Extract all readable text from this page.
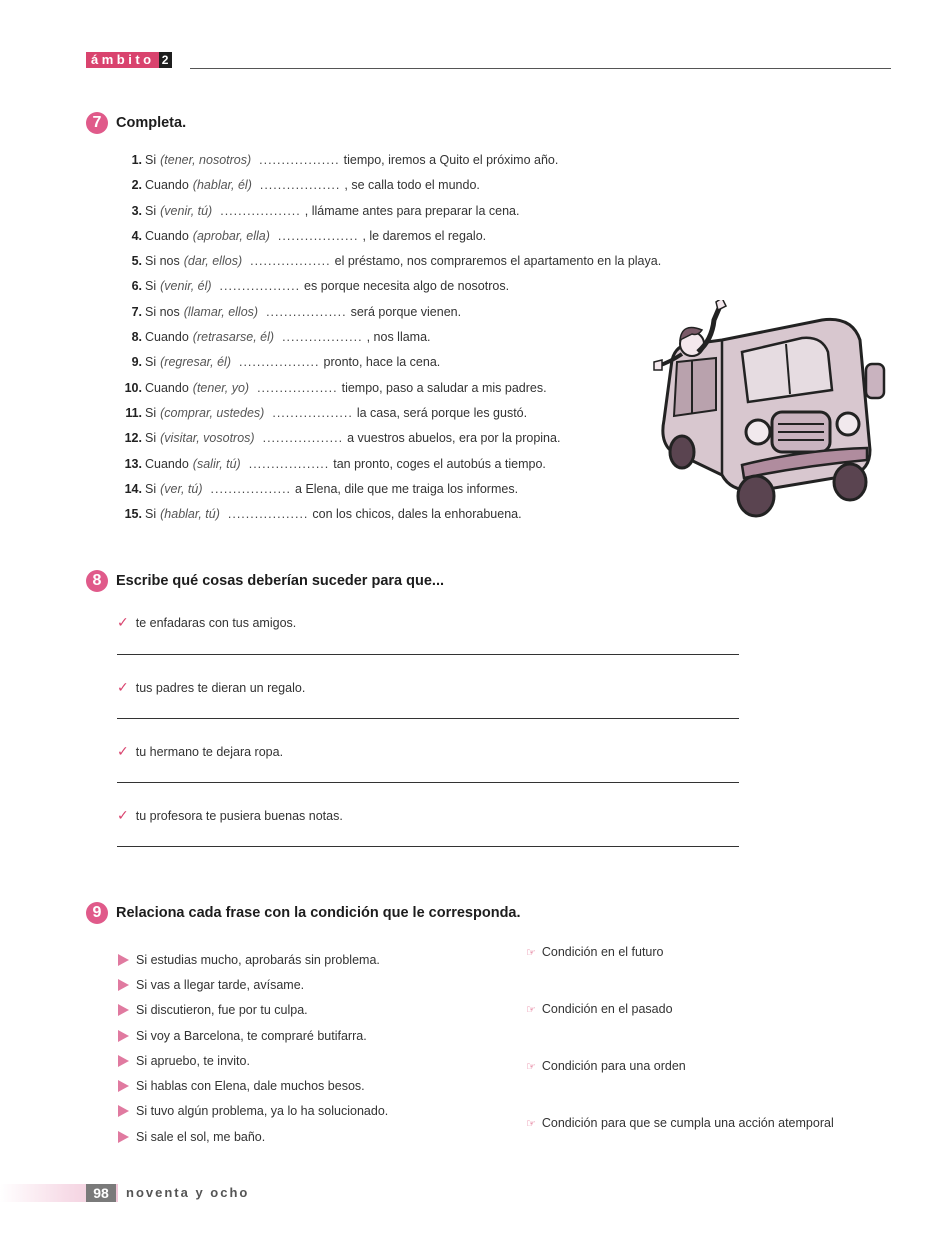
ámbito 2
7	Completa.
1. Si (tener, nosotros) .................. tiempo, iremos a Quito el próximo año.
2. Cuando (hablar, él) .................. , se calla todo el mundo.
3. Si (venir, tú) .................. , llámame antes para preparar la cena.
4. Cuando (aprobar, ella) .................. , le daremos el regalo.
5. Si nos (dar, ellos) .................. el préstamo, nos compraremos el apartamento en la playa.
6. Si (venir, él) .................. es porque necesita algo de nosotros.
7. Si nos (llamar, ellos) .................. será porque vienen.
8. Cuando (retrasarse, él) .................. , nos llama.
9. Si (regresar, él) .................. pronto, hace la cena.
10. Cuando (tener, yo) .................. tiempo, paso a saludar a mis padres.
11. Si (comprar, ustedes) .................. la casa, será porque les gustó.
12. Si (visitar, vosotros) .................. a vuestros abuelos, era por la propina.
13. Cuando (salir, tú) .................. tan pronto, coges el autobús a tiempo.
14. Si (ver, tú) .................. a Elena, dile que me traiga los informes.
15. Si (hablar, tú) .................. con los chicos, dales la enhorabuena.
8	Escribe qué cosas deberían suceder para que...
✓ te enfadaras con tus amigos.
✓ tus padres te dieran un regalo.
✓ tu hermano te dejara ropa.
✓ tu profesora te pusiera buenas notas.
9	Relaciona cada frase con la condición que le corresponda.
Si estudias mucho, aprobarás sin problema.
Si vas a llegar tarde, avísame.
Si discutieron, fue por tu culpa.
Si voy a Barcelona, te compraré butifarra.
Si apruebo, te invito.
Si hablas con Elena, dale muchos besos.
Si tuvo algún problema, ya lo ha solucionado.
Si sale el sol, me baño.
☞ Condición en el futuro
☞ Condición en el pasado
☞ Condición para una orden
☞ Condición para que se cumpla una acción atemporal
98	noventa y ocho
